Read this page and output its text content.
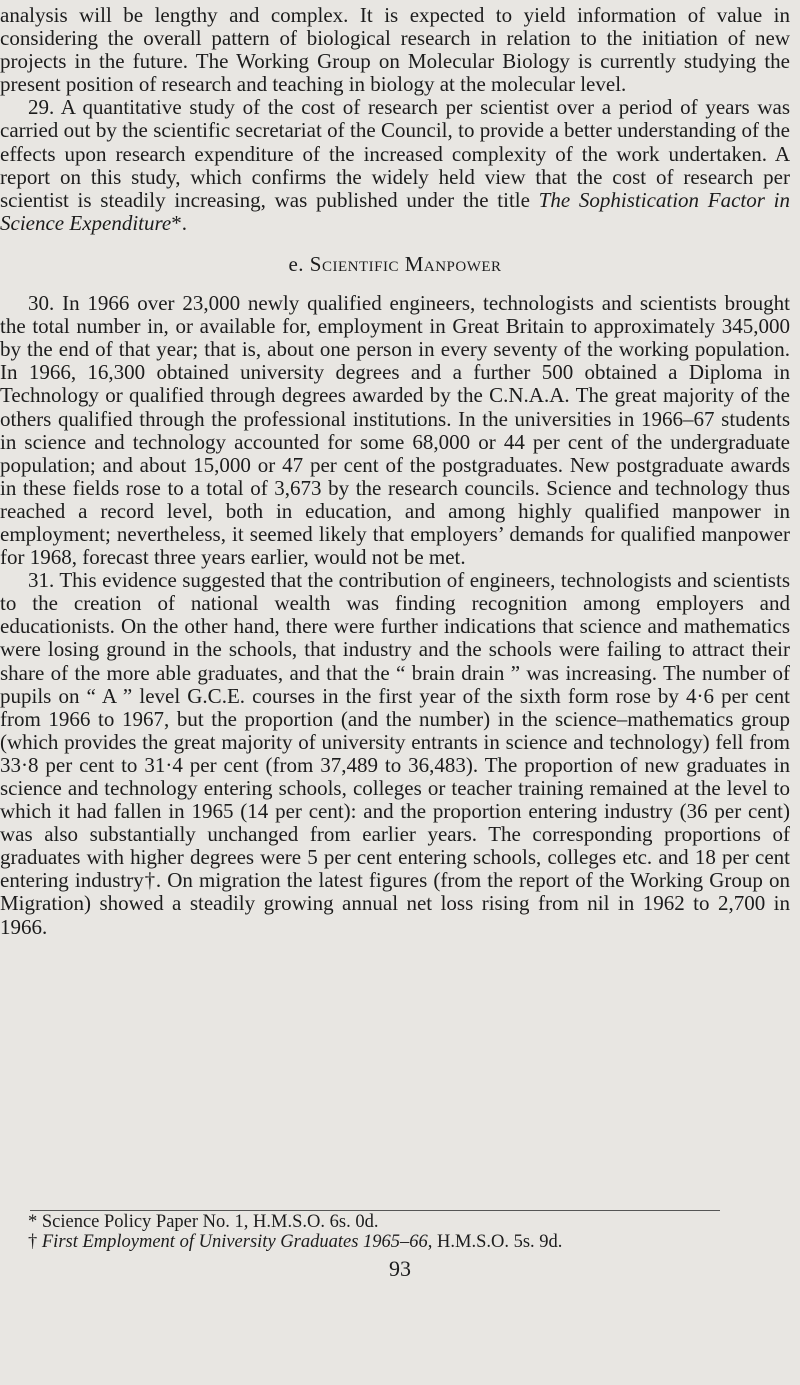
analysis will be lengthy and complex. It is expected to yield information of value in considering the overall pattern of biological research in relation to the initiation of new projects in the future. The Working Group on Molecular Biology is currently studying the present position of research and teaching in biology at the molecular level.

29. A quantitative study of the cost of research per scientist over a period of years was carried out by the scientific secretariat of the Council, to provide a better understanding of the effects upon research expenditure of the increased complexity of the work undertaken. A report on this study, which confirms the widely held view that the cost of research per scientist is steadily increasing, was published under the title The Sophistication Factor in Science Expenditure*.

e. Scientific Manpower

30. In 1966 over 23,000 newly qualified engineers, technologists and scientists brought the total number in, or available for, employment in Great Britain to approximately 345,000 by the end of that year; that is, about one person in every seventy of the working population. In 1966, 16,300 obtained university degrees and a further 500 obtained a Diploma in Technology or qualified through degrees awarded by the C.N.A.A. The great majority of the others qualified through the professional institutions. In the universities in 1966–67 students in science and technology accounted for some 68,000 or 44 per cent of the undergraduate population; and about 15,000 or 47 per cent of the postgraduates. New postgraduate awards in these fields rose to a total of 3,673 by the research councils. Science and technology thus reached a record level, both in education, and among highly qualified manpower in employment; nevertheless, it seemed likely that employers’ demands for qualified manpower for 1968, forecast three years earlier, would not be met.

31. This evidence suggested that the contribution of engineers, technologists and scientists to the creation of national wealth was finding recognition among employers and educationists. On the other hand, there were further indications that science and mathematics were losing ground in the schools, that industry and the schools were failing to attract their share of the more able graduates, and that the “ brain drain ” was increasing. The number of pupils on “ A ” level G.C.E. courses in the first year of the sixth form rose by 4·6 per cent from 1966 to 1967, but the proportion (and the number) in the science–mathematics group (which provides the great majority of university entrants in science and technology) fell from 33·8 per cent to 31·4 per cent (from 37,489 to 36,483). The proportion of new graduates in science and technology entering schools, colleges or teacher training remained at the level to which it had fallen in 1965 (14 per cent): and the proportion entering industry (36 per cent) was also substantially unchanged from earlier years. The corresponding proportions of graduates with higher degrees were 5 per cent entering schools, colleges etc. and 18 per cent entering industry†. On migration the latest figures (from the report of the Working Group on Migration) showed a steadily growing annual net loss rising from nil in 1962 to 2,700 in 1966.

* Science Policy Paper No. 1, H.M.S.O. 6s. 0d.

† First Employment of University Graduates 1965–66, H.M.S.O. 5s. 9d.

93
